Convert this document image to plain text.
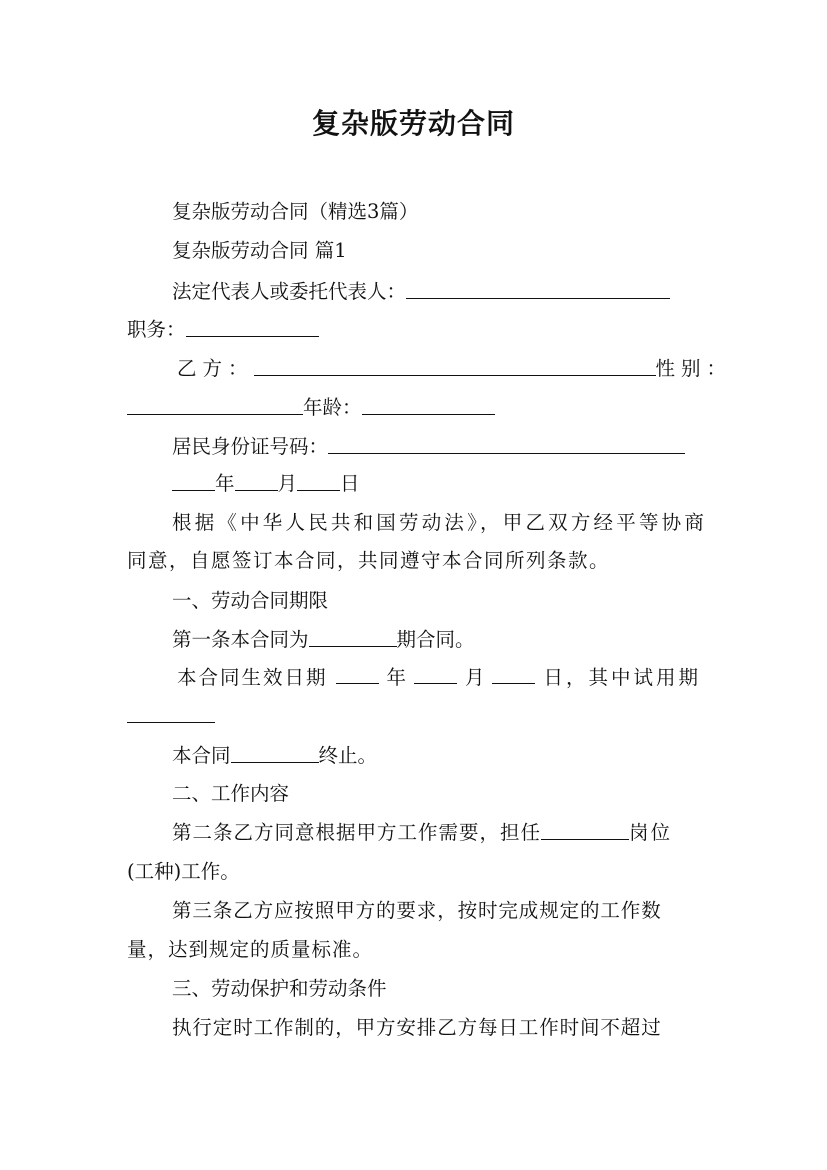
复杂版劳动合同
复杂版劳动合同（精选3篇）
复杂版劳动合同 篇1
法定代表人或委托代表人：
职务：
乙方：	性别：
年龄：
居民身份证号码：
年 月 日
根据《中华人民共和国劳动法》，甲乙双方经平等协商
同意，自愿签订本合同，共同遵守本合同所列条款。
一、劳动合同期限
第一条本合同为	期合同。
本合同生效日期	年	月	日，其中试用期
本合同	终止。
二、工作内容
第二条乙方同意根据甲方工作需要，担任	岗位
(工种)工作。
第三条乙方应按照甲方的要求，按时完成规定的工作数
量，达到规定的质量标准。
三、劳动保护和劳动条件
执行定时工作制的，甲方安排乙方每日工作时间不超过
